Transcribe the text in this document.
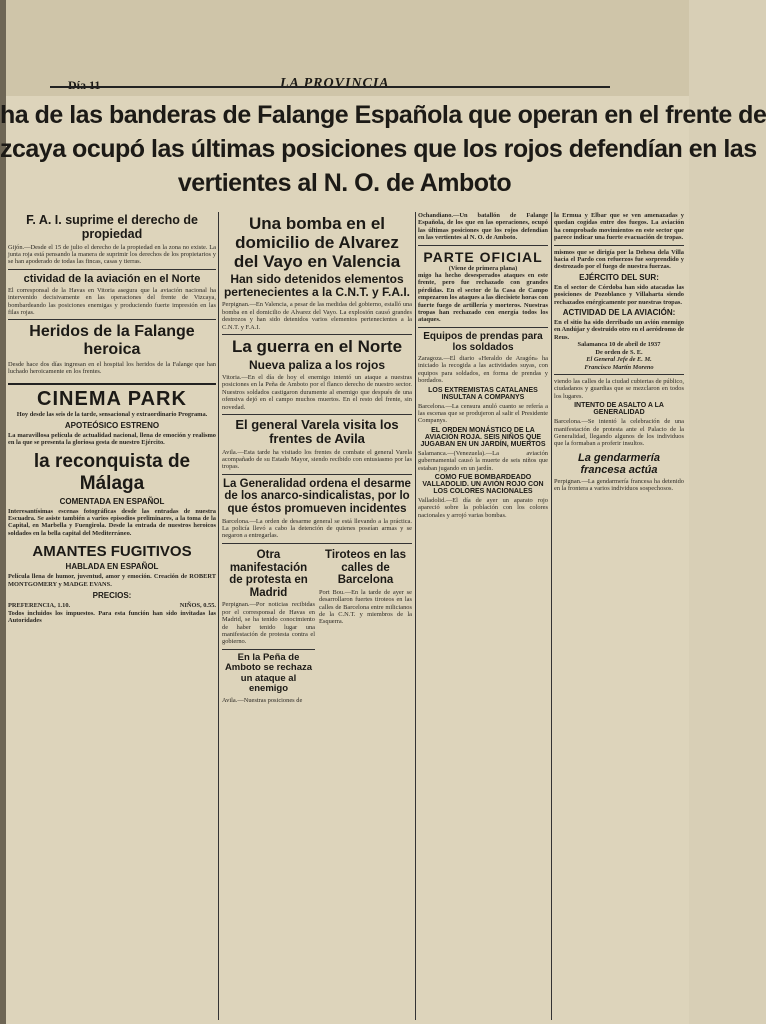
Día 11	LA PROVINCIA
ha de las banderas de Falange Española que operan en el frente de
zcaya ocupó las últimas posiciones que los rojos defendían en las
vertientes al N. O. de Amboto
F. A. I. suprime el derecho de propiedad
Gijón.—Desde el 15 de julio el derecho de la propiedad en la zona no existe. La junta roja está pensando la manera de suprimir los derechos de los propietarios y se han apoderado de todas las fincas, casas y tierras.
ctividad de la aviación en el Norte
El corresponsal de la Havas en Vitoria asegura que la aviación nacional ha intervenido decisivamente en las operaciones del frente de Vizcaya, bombardeando las posiciones enemigas y produciendo fuerte impresión en las filas rojas.
Heridos de la Falange heroica
Desde hace dos días ingresan en el hospital los heridos de la Falange que han luchado heroicamente en los frentes.
CINEMA PARK
Hoy desde las seis de la tarde, sensacional y extraordinario Programa.
APOTEÓSICO ESTRENO
La maravillosa película de actualidad nacional, llena de emoción y realismo en la que se presenta la gloriosa gesta de nuestro Ejército.
la reconquista de Málaga
COMENTADA EN ESPAÑOL
Interesantísimas escenas fotográficas desde las entradas de nuestra Escuadra. Se asiste también a varios episodios preliminares, a la toma de la Capital, en Marbella y Fuengirola. Desde la entrada de nuestros heroicos soldados en la bella capital del Mediterráneo.
AMANTES FUGITIVOS
HABLADA EN ESPAÑOL
Película llena de humor, juventud, amor y emoción. Creación de ROBERT MONTGOMERY y MADGE EVANS.
PRECIOS:
PREFERENCIA, 1.10.	NIÑOS, 0.55.
Todos incluidos los impuestos. Para esta función han sido invitadas las Autoridades
Una bomba en el domicilio de Alvarez del Vayo en Valencia
Han sido detenidos elementos pertenecientes a la C.N.T. y F.A.I.
Perpignan.—En Valencia, a pesar de las medidas del gobierno, estalló una bomba en el domicilio de Alvarez del Vayo. La explosión causó grandes destrozos y han sido detenidos varios elementos pertenecientes a la C.N.T. y F.A.I.
La guerra en el Norte
Nueva paliza a los rojos
Vitoria.—En el día de hoy el enemigo intentó un ataque a nuestras posiciones en la Peña de Amboto por el flanco derecho de nuestro sector. Nuestros soldados castigaron duramente al enemigo que después de una ofensiva dejó en el campo muchos muertos. En el resto del frente, sin novedad.
El general Varela visita los frentes de Avila
Avila.—Esta tarde ha visitado los frentes de combate el general Varela acompañado de su Estado Mayor, siendo recibido con entusiasmo por las tropas.
La Generalidad ordena el desarme de los anarco-sindicalistas, por lo que éstos promueven incidentes
Barcelona.—La orden de desarme general se está llevando a la práctica. La policía llevó a cabo la detención de quienes poseían armas y se negaron a entregarlas.
Otra manifestación de protesta en Madrid
Perpignan.—Por noticias recibidas por el corresponsal de Havas en Madrid, se ha tenido conocimiento de haber tenido lugar una manifestación de protesta contra el gobierno.
En la Peña de Amboto se rechaza un ataque al enemigo
Avila.—Nuestras posiciones de
Tiroteos en las calles de Barcelona
Port Bou.—En la tarde de ayer se desarrollaron fuertes tiroteos en las calles de Barcelona entre milicianos de la C.N.T. y miembros de la Esquerra.
Ochandiano.—Un batallón de Falange Española, de los que en las operaciones, ocupó las últimas posiciones que los rojos defendían en las vertientes al N. O. de Amboto.
PARTE OFICIAL
(Viene de primera plana)
migo ha hecho desesperados ataques en este frente, pero fue rechazado con grandes pérdidas. En el sector de la Casa de Campo empezaron los ataques a las diecisiete horas con fuerte fuego de artillería y morteros. Nuestras tropas han rechazado con energía todos los ataques.
Equipos de prendas para los soldados
Zaragoza.—El diario «Heraldo de Aragón» ha iniciado la recogida a las actividades suyas, con equipos para soldados, en forma de prendas y bordados.
LOS EXTREMISTAS CATALANES INSULTAN A COMPANYS
Barcelona.—La censura anuló cuanto se refería a las escenas que se produjeron al salir el Presidente Companys.
EL ORDEN MONÁSTICO DE LA AVIACIÓN ROJA. SEIS NIÑOS QUE JUGABAN EN UN JARDÍN, MUERTOS
Salamanca.—(Venezuela).—La aviación gubernamental causó la muerte de seis niños que estaban jugando en un jardín.
COMO FUE BOMBARDEADO VALLADOLID. UN AVIÓN ROJO CON LOS COLORES NACIONALES
Valladolid.—El día de ayer un aparato rojo apareció sobre la población con los colores nacionales y arrojó varias bombas.
la Ermua y Elbar que se ven amenazadas y quedan cogidas entre dos fuegos. La aviación ha comprobado movimientos en este sector que parece indicar una fuerte evacuación de tropas.
mismos que se dirigía por la Dehesa dela Villa hacia el Pardo con refuerzos fue sorprendido y destrozado por el fuego de nuestra fuerzas.
EJÉRCITO DEL SUR:
En el sector de Córdoba han sido atacadas las posiciones de Pozoblanco y Villaharta siendo rechazados enérgicamente por nuestras tropas.
ACTIVIDAD DE LA AVIACIÓN:
En el sitio ha sido derribado un avión enemigo en Andújar y destruido otro en el aeródromo de Reus.
Salamanca 10 de abril de 1937
De orden de S. E.
El General Jefe de E. M.
Francisco Martín Moreno
viendo las calles de la ciudad cubiertas de público, ciudadanos y guardias que se mezclaron en todos los lugares.
INTENTO DE ASALTO A LA GENERALIDAD
Barcelona.—Se intentó la celebración de una manifestación de protesta ante el Palacio de la Generalidad, llegando algunos de los individuos que la formaban a proferir insultos.
La gendarmería francesa actúa
Perpignan.—La gendarmería francesa ha detenido en la frontera a varios individuos sospechosos.
